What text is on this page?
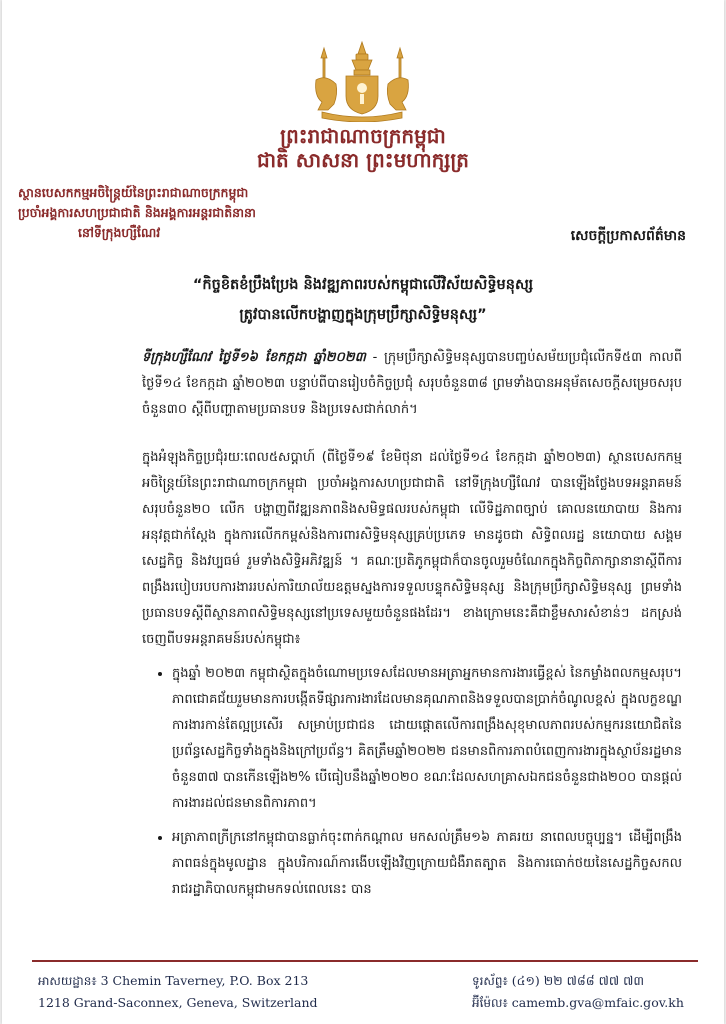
ព្រះរាជាណាចក្រកម្ពុជា
ជាតិ សាសនា ព្រះមហាក្សត្រ
ស្ថានបេសកកម្មអចិន្ត្រៃយ៍នៃព្រះរាជាណាចក្រកម្ពុជា
ប្រចាំអង្គការសហប្រជាជាតិ និងអង្គការអន្តរជាតិនានា
នៅទីក្រុងហ្សឺណែវ	សេចក្តីប្រកាសព័ត៌មាន
“កិច្ចខិតខំប្រឹងប្រែង និងវឌ្ឍភាពរបស់កម្ពុជាលើវិស័យសិទ្ធិមនុស្ស
ត្រូវបានលើកបង្ហាញក្នុងក្រុមប្រឹក្សាសិទ្ធិមនុស្ស”

ទីក្រុងហ្សឺណែវ ថ្ងៃទី១៦ ខែកក្កដា ឆ្នាំ២០២៣ - ក្រុមប្រឹក្សាសិទ្ធិមនុស្សបានបញ្ចប់សម័យប្រជុំលើកទី៥៣ កាលពីថ្ងៃទី១៤ ខែកក្កដា ឆ្នាំ២០២៣ បន្ទាប់ពីបានរៀបចំកិច្ចប្រជុំ សរុបចំនួន៣៨ ព្រមទាំងបានអនុម័តសេចក្តីសម្រេចសរុបចំនួន៣០ ស្តីពីបញ្ហាតាមប្រធានបទ និងប្រទេសជាក់លាក់។

ក្នុងអំឡុងកិច្ចប្រជុំរយៈពេល៥សប្តាហ៍ (ពីថ្ងៃទី១៩ ខែមិថុនា ដល់ថ្ងៃទី១៤ ខែកក្កដា ឆ្នាំ២០២៣) ស្ថានបេសកកម្មអចិន្ត្រៃយ៍នៃព្រះរាជាណាចក្រកម្ពុជា ប្រចាំអង្គការសហប្រជាជាតិ នៅទីក្រុងហ្សឺណែវ បានឡើងថ្លែងបទអន្តរាគមន៍ សរុបចំនួន២០ លើក បង្ហាញពីវឌ្ឍនភាពនិងសមិទ្ធផលរបស់កម្ពុជា លើទិដ្ឋភាពច្បាប់ គោលនយោបាយ និងការអនុវត្តជាក់ស្តែង ក្នុងការលើកកម្ពស់និងការពារសិទ្ធិមនុស្សគ្រប់ប្រភេទ មានដូចជា សិទ្ធិពលរដ្ឋ នយោបាយ សង្គម សេដ្ឋកិច្ច និងវប្បធម៌ រួមទាំងសិទ្ធិអភិវឌ្ឍន៍ ។ គណៈប្រតិភូកម្ពុជាក៏បានចូលរួមចំណែកក្នុងកិច្ចពិភាក្សានានាស្តីពីការពង្រឹងរបៀបរបបការងាររបស់ការិយាល័យឧត្តមស្នងការទទួលបន្ទុកសិទ្ធិមនុស្ស និងក្រុមប្រឹក្សាសិទ្ធិមនុស្ស ព្រមទាំងប្រធានបទស្តីពីស្ថានភាពសិទ្ធិមនុស្សនៅប្រទេសមួយចំនួនផងដែរ។ ខាងក្រោមនេះគឺជាខ្លឹមសារសំខាន់ៗ ដកស្រង់ចេញពីបទអន្តរាគមន៍របស់កម្ពុជា៖

• ក្នុងឆ្នាំ ២០២៣ កម្ពុជាស្ថិតក្នុងចំណោមប្រទេសដែលមានអត្រាអ្នកមានការងារធ្វើខ្ពស់ នៃកម្លាំងពលកម្មសរុប។ ភាពជោគជ័យរួមមានការបង្កើតទីផ្សារការងារដែលមានគុណភាពនិងទទួលបានប្រាក់ចំណូលខ្ពស់ ក្នុងលក្ខខណ្ឌការងារកាន់តែល្អប្រសើរ សម្រាប់ប្រជាជន ដោយផ្តោតលើការពង្រឹងសុខុមាលភាពរបស់កម្មករនយោជិតនៃប្រព័ន្ធសេដ្ឋកិច្ចទាំងក្នុងនិងក្រៅប្រព័ន្ធ។ គិតត្រឹមឆ្នាំ២០២២ ជនមានពិការភាពបំពេញការងារក្នុងស្ថាប័នរដ្ឋមានចំនួន៣៧ បានកើនឡើង២% បើធៀបនឹងឆ្នាំ២០២០ ខណៈដែលសហគ្រាសឯកជនចំនួនជាង២០០ បានផ្តល់ការងារដល់ជនមានពិការភាព។
• អត្រាភាពក្រីក្រនៅកម្ពុជាបានធ្លាក់ចុះពាក់កណ្តាល មកសល់ត្រឹម១៦ ភាគរយ នាពេលបច្ចុប្បន្ន។ ដើម្បីពង្រឹងភាពធន់ក្នុងមូលដ្ឋាន ក្នុងបរិការណ៍ការងើបឡើងវិញក្រោយជំងឺរាតត្បាត និងការធោក់ថយនៃសេដ្ឋកិច្ចសកល រាជរដ្ឋាភិបាលកម្ពុជាមកទល់ពេលនេះ បាន
អាសយដ្ឋាន៖ 3 Chemin Taverney, P.O. Box 213
1218 Grand-Saconnex, Geneva, Switzerland
ទូរស័ព្ទ៖ (៤១) ២២ ៧៨៨ ៧៧ ៧៣
អ៊ីម៉ែល៖ camemb.gva@mfaic.gov.kh
